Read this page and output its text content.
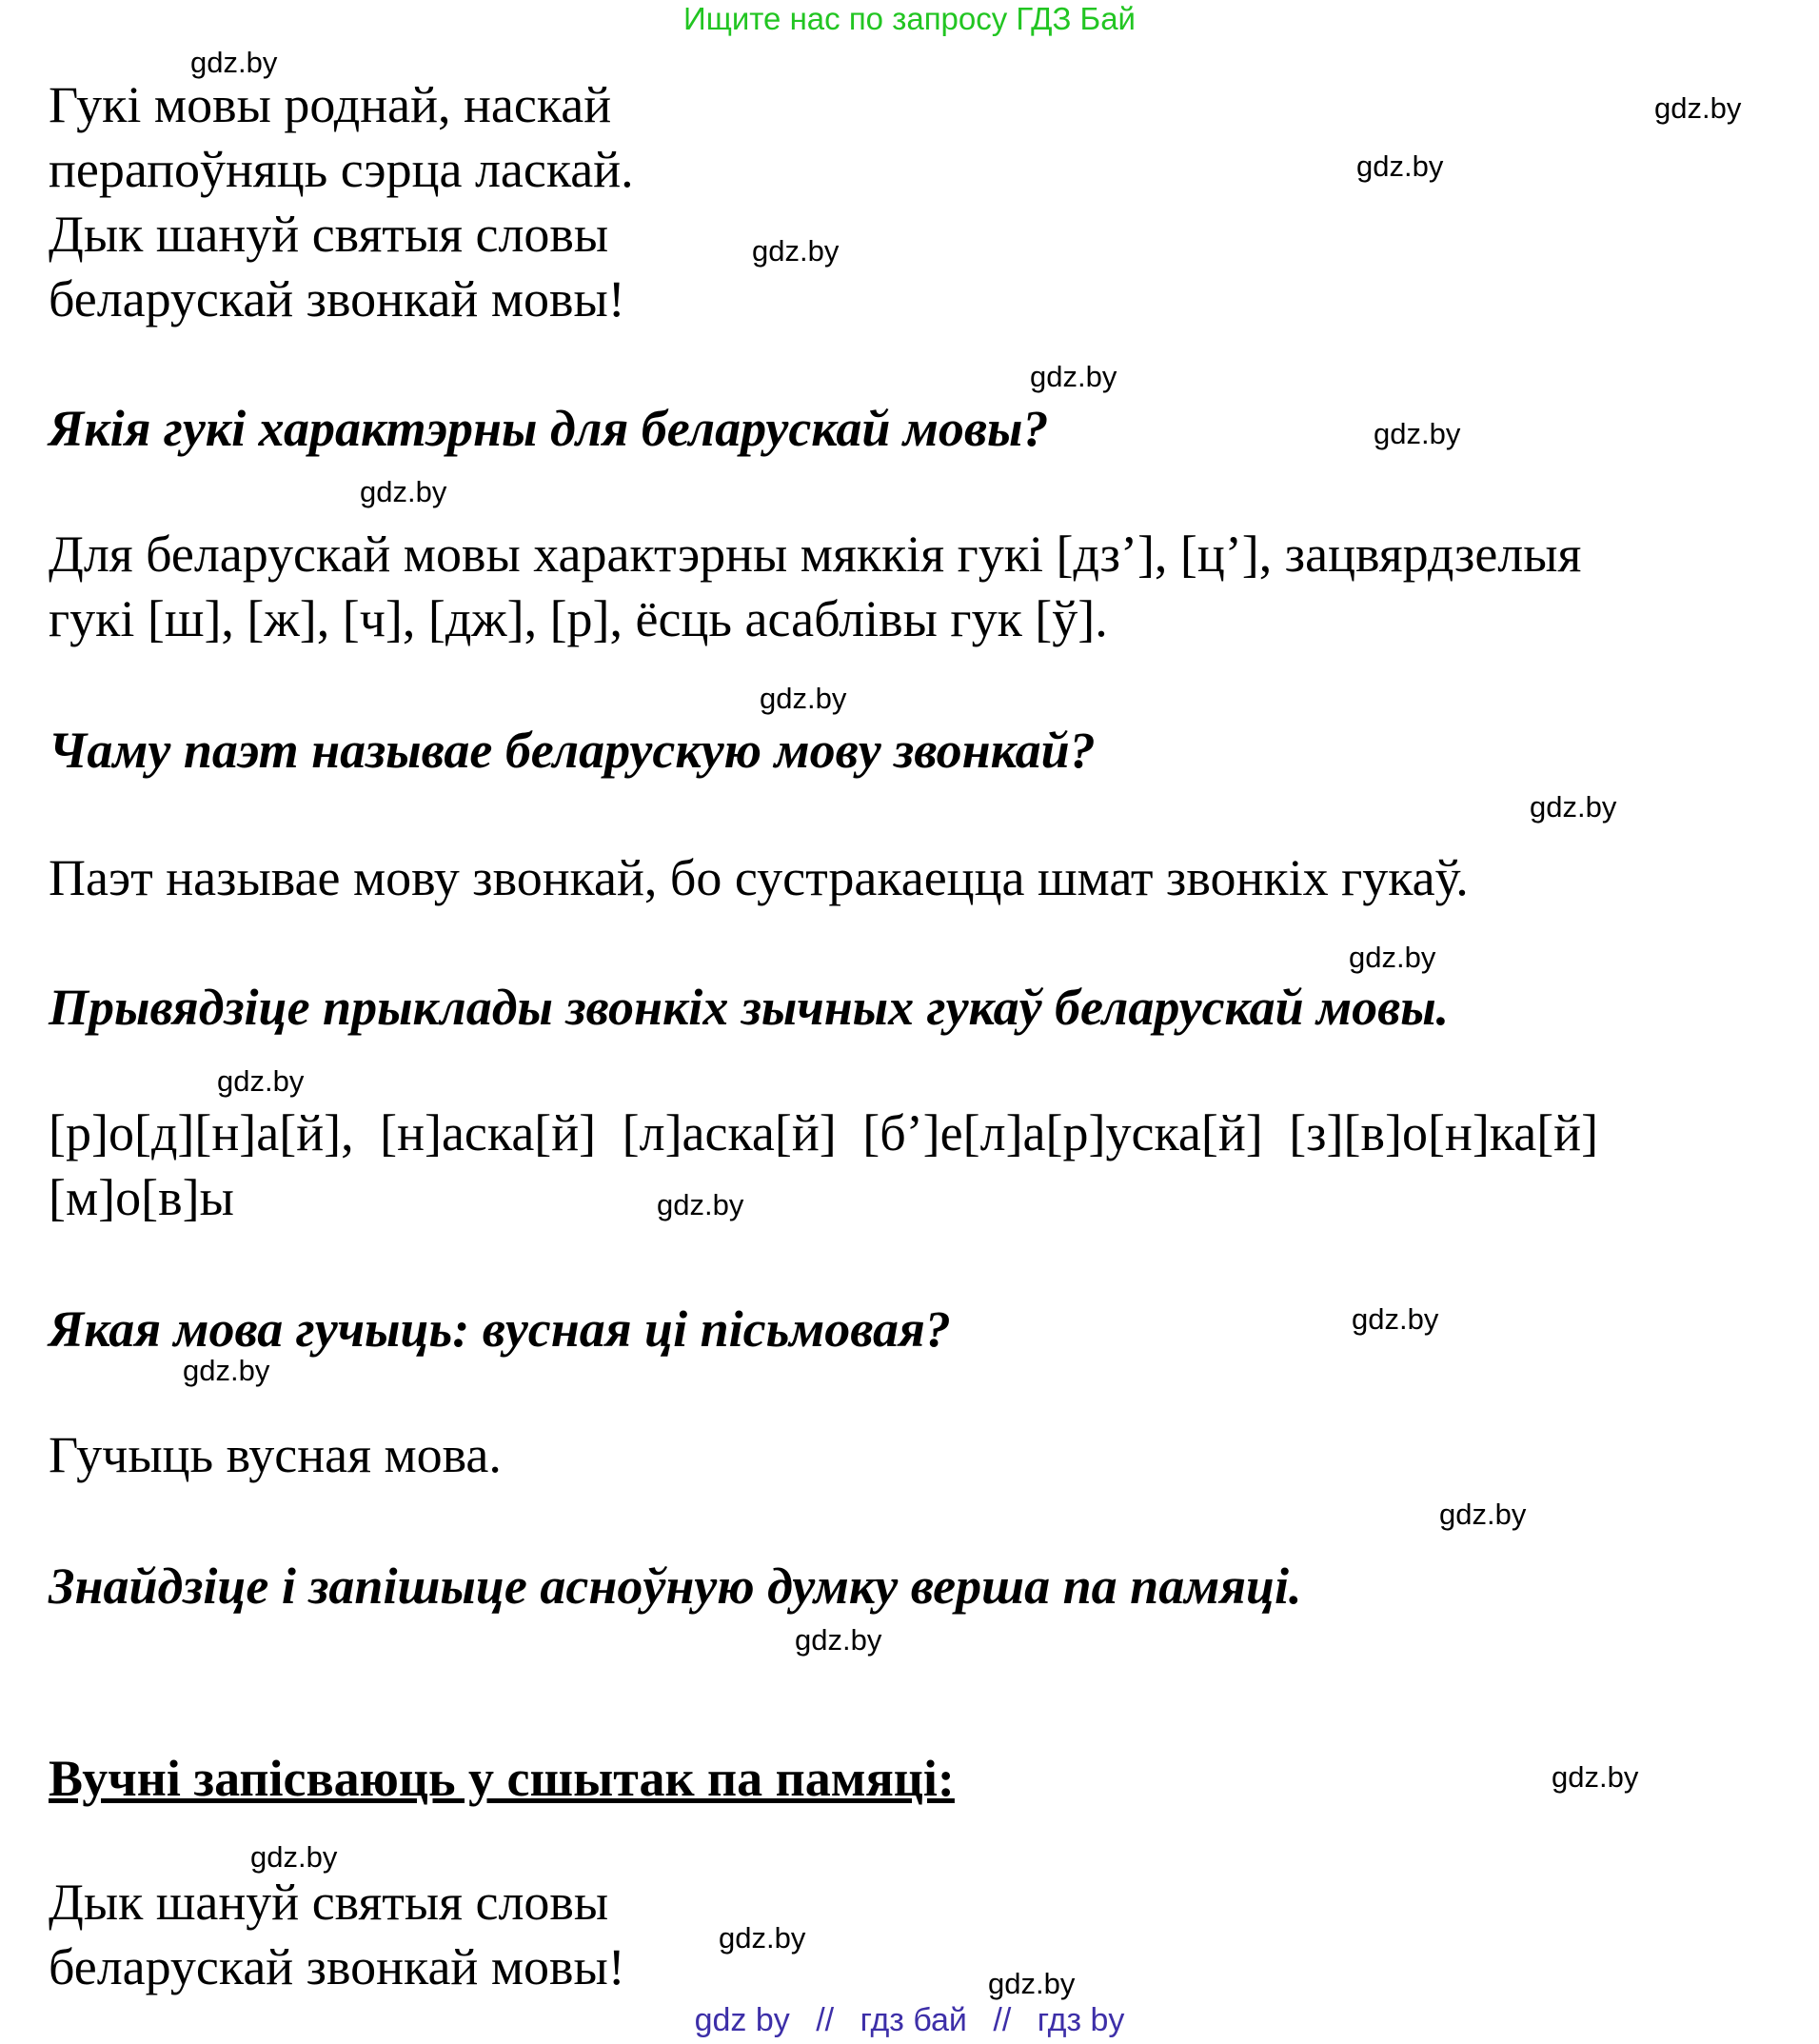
Ищите нас по запросу ГДЗ Бай

Гукі мовы роднай, наскай

перапоўняць сэрца ласкай.

Дык шануй святыя словы

беларускай звонкай мовы!

Якія гукі характэрны для беларускай мовы?

Для беларускай мовы характэрны мяккія гукі [дз’], [ц’], зацвярдзелыя

гукі [ш], [ж], [ч], [дж], [р], ёсць асаблівы гук [ў].

Чаму паэт называе беларускую мову звонкай?

Паэт называе мову звонкай, бо сустракаецца шмат звонкіх гукаў.

Прывядзіце прыклады звонкіх зычных гукаў беларускай мовы.

[р]о[д][н]а[й], [н]аска[й] [л]аска[й] [б’]е[л]а[р]уска[й] [з][в]о[н]ка[й]

[м]о[в]ы

Якая мова гучыць: вусная ці пісьмовая?

Гучыць вусная мова.

Знайдзіце і запішыце асноўную думку верша па памяці.

Вучні запісваюць у сшытак па памяці:

Дык шануй святыя словы

беларускай звонкай мовы!

gdz.by
gdz.by
gdz.by
gdz.by
gdz.by
gdz.by
gdz.by
gdz.by
gdz.by
gdz.by
gdz.by
gdz.by
gdz.by
gdz.by
gdz.by
gdz.by
gdz.by
gdz.by
gdz.by
gdz.by
gdz by // гдз бай // гдз by
